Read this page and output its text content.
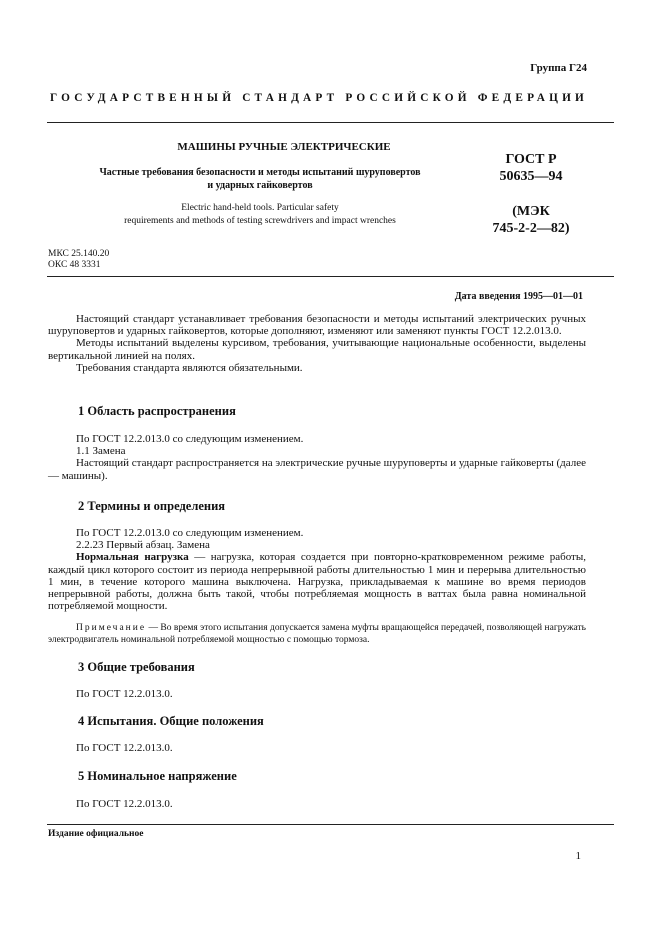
Группа Г24
ГОСУДАРСТВЕННЫЙ СТАНДАРТ РОССИЙСКОЙ ФЕДЕРАЦИИ
МАШИНЫ РУЧНЫЕ ЭЛЕКТРИЧЕСКИЕ
Частные требования безопасности и методы испытаний шуруповертов
и ударных гайковертов
Electric hand-held tools. Particular safety
requirements and methods of testing screwdrivers and impact wrenches
ГОСТ Р
50635—94
(МЭК
745-2-2—82)
МКС 25.140.20
ОКС 48 3331
Дата введения 1995—01—01

Настоящий стандарт устанавливает требования безопасности и методы испытаний электрических ручных шуруповертов и ударных гайковертов, которые дополняют, изменяют или заменяют пункты ГОСТ 12.2.013.0.

Методы испытаний выделены курсивом, требования, учитывающие национальные особенности, выделены вертикальной линией на полях.

Требования стандарта являются обязательными.

1 Область распространения

По ГОСТ 12.2.013.0 со следующим изменением.

1.1 Замена

Настоящий стандарт распространяется на электрические ручные шуруповерты и ударные гайковерты (далее — машины).

2 Термины и определения

По ГОСТ 12.2.013.0 со следующим изменением.

2.2.23 Первый абзац. Замена

Нормальная нагрузка — нагрузка, которая создается при повторно-кратковременном режиме работы, каждый цикл которого состоит из периода непрерывной работы длительностью 1 мин и перерыва длительностью 1 мин, в течение которого машина выключена. Нагрузка, прикладываемая к машине во время периодов непрерывной работы, должна быть такой, чтобы потребляемая мощность в ваттах была равна номинальной потребляемой мощности.

Примечание — Во время этого испытания допускается замена муфты вращающейся передачей, позволяющей нагружать электродвигатель номинальной потребляемой мощностью с помощью тормоза.

3 Общие требования

По ГОСТ 12.2.013.0.

4 Испытания. Общие положения

По ГОСТ 12.2.013.0.

5 Номинальное напряжение

По ГОСТ 12.2.013.0.

Издание официальное
1
